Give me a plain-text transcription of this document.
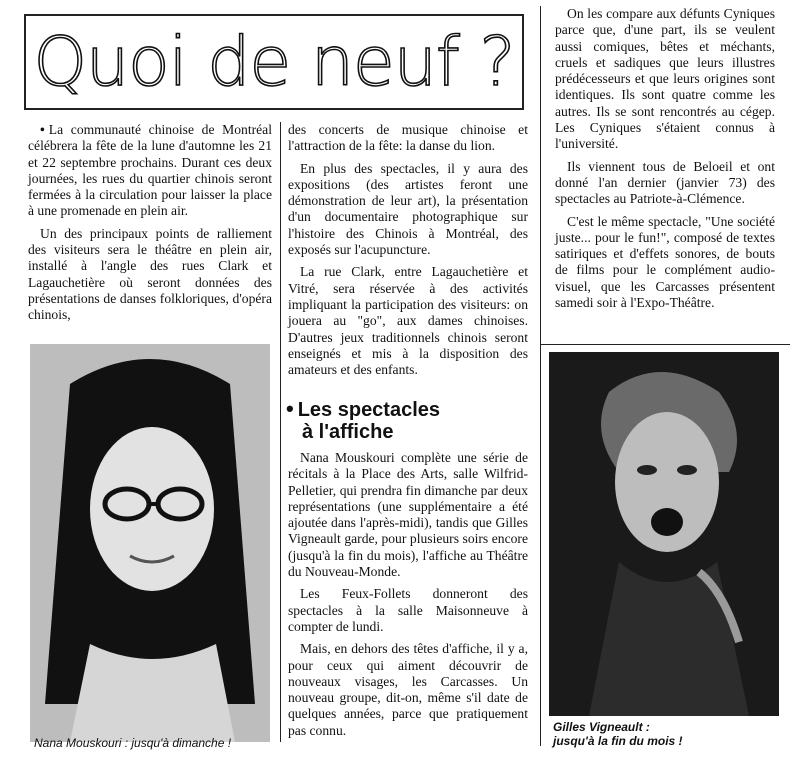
Quoi de neuf ?

• La communauté chinoise de Montréal célébrera la fête de la lune d'automne les 21 et 22 septembre prochains. Durant ces deux journées, les rues du quartier chinois seront fermées à la circulation pour laisser la place à une promenade en plein air.

Un des principaux points de ralliement des visiteurs sera le théâtre en plein air, installé à l'angle des rues Clark et Lagauchetière où seront données des présentations de danses folkloriques, d'opéra chinois,

Nana Mouskouri : jusqu'à dimanche !

des concerts de musique chinoise et l'attraction de la fête: la danse du lion.

En plus des spectacles, il y aura des expositions (des artistes feront une démonstration de leur art), la présentation d'un documentaire photographique sur l'histoire des Chinois à Montréal, des exposés sur l'acupuncture.

La rue Clark, entre Lagauchetière et Vitré, sera réservée à des activités impliquant la participation des visiteurs: on jouera au "go", aux dames chinoises. D'autres jeux traditionnels chinois seront enseignés et mis à la disposition des amateurs et des enfants.

• Les spectacles
à l'affiche

Nana Mouskouri complète une série de récitals à la Place des Arts, salle Wilfrid-Pelletier, qui prendra fin dimanche par deux représentations (une supplémentaire a été ajoutée dans l'après-midi), tandis que Gilles Vigneault garde, pour plusieurs soirs encore (jusqu'à la fin du mois), l'affiche au Théâtre du Nouveau-Monde.

Les Feux-Follets donneront des spectacles à la salle Maisonneuve à compter de lundi.

Mais, en dehors des têtes d'affiche, il y a, pour ceux qui aiment découvrir de nouveaux visages, les Carcasses. Un nouveau groupe, dit-on, même s'il date de quelques années, parce que pratiquement pas connu.

On les compare aux défunts Cyniques parce que, d'une part, ils se veulent aussi comiques, bêtes et méchants, cruels et sadiques que leurs illustres prédécesseurs et que leurs origines sont identiques. Ils sont quatre comme les autres. Ils se sont rencontrés au cégep. Les Cyniques s'étaient connus à l'université.

Ils viennent tous de Beloeil et ont donné l'an dernier (janvier 73) des spectacles au Patriote-à-Clémence.

C'est le même spectacle, "Une société juste... pour le fun!", composé de textes satiriques et d'effets sonores, de bouts de films pour le complément audio-visuel, que les Carcasses présentent samedi soir à l'Expo-Théâtre.

Gilles Vigneault :
jusqu'à la fin du mois !
